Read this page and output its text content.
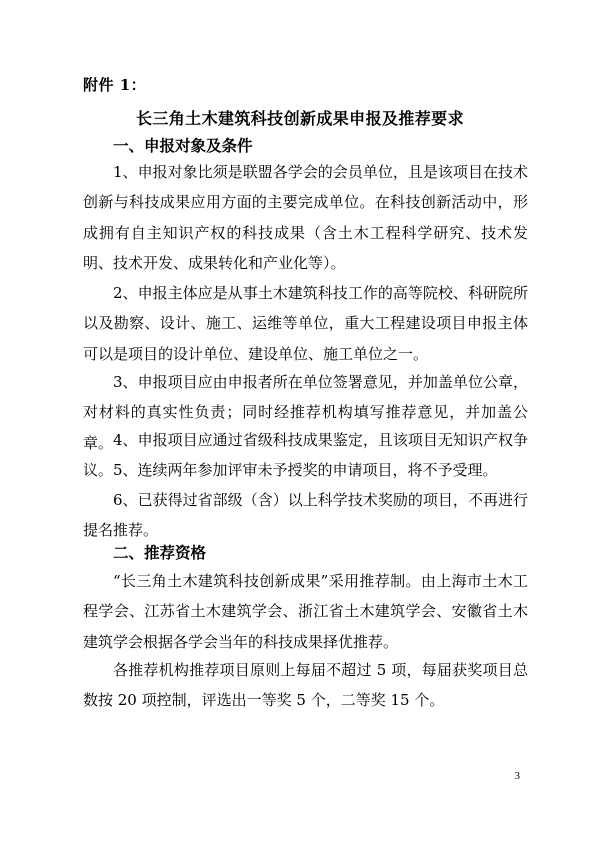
附件 1：
长三角土木建筑科技创新成果申报及推荐要求
一、申报对象及条件

1、申报对象比须是联盟各学会的会员单位，且是该项目在技术创新与科技成果应用方面的主要完成单位。在科技创新活动中，形成拥有自主知识产权的科技成果（含土木工程科学研究、技术发明、技术开发、成果转化和产业化等）。

2、申报主体应是从事土木建筑科技工作的高等院校、科研院所以及勘察、设计、施工、运维等单位，重大工程建设项目申报主体可以是项目的设计单位、建设单位、施工单位之一。

3、申报项目应由申报者所在单位签署意见，并加盖单位公章，对材料的真实性负责；同时经推荐机构填写推荐意见，并加盖公章。 4、申报项目应通过省级科技成果鉴定，且该项目无知识产权争议。 5、连续两年参加评审未予授奖的申请项目，将不予受理。

6、已获得过省部级（含）以上科学技术奖励的项目，不再进行提名推荐。

二、推荐资格

“长三角土木建筑科技创新成果”采用推荐制。由上海市土木工程学会、江苏省土木建筑学会、浙江省土木建筑学会、安徽省土木建筑学会根据各学会当年的科技成果择优推荐。

各推荐机构推荐项目原则上每届不超过 5 项，每届获奖项目总数按 20 项控制，评选出一等奖 5 个，二等奖 15 个。

3
